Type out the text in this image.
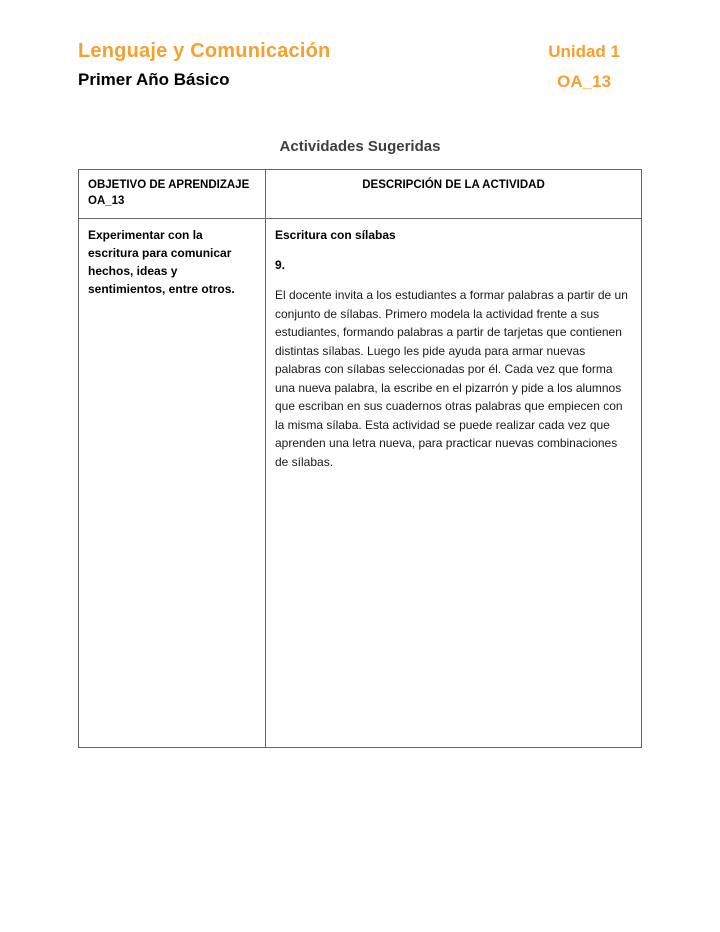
Lenguaje y Comunicación
Primer Año Básico
Unidad 1
OA_13
Actividades Sugeridas
OBJETIVO DE APRENDIZAJE OA_13	DESCRIPCIÓN DE LA ACTIVIDAD
Experimentar con la escritura para comunicar hechos, ideas y sentimientos, entre otros.	Escritura con sílabas

9.

El docente invita a los estudiantes a formar palabras a partir de un conjunto de sílabas. Primero modela la actividad frente a sus estudiantes, formando palabras a partir de tarjetas que contienen distintas sílabas. Luego les pide ayuda para armar nuevas palabras con sílabas seleccionadas por él. Cada vez que forma una nueva palabra, la escribe en el pizarrón y pide a los alumnos que escriban en sus cuadernos otras palabras que empiecen con la misma sílaba. Esta actividad se puede realizar cada vez que aprenden una letra nueva, para practicar nuevas combinaciones de sílabas.
